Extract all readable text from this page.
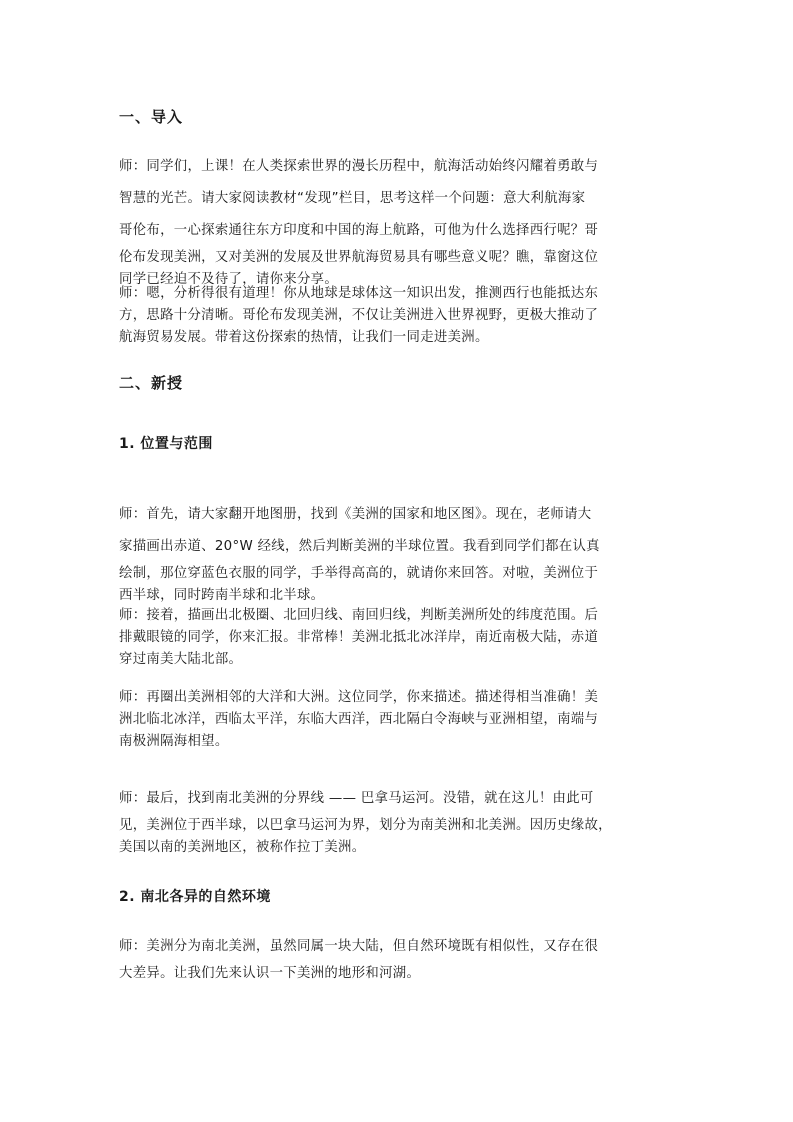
一、导入
师：同学们，上课！在人类探索世界的漫长历程中，航海活动始终闪耀着勇敢与
智慧的光芒。请大家阅读教材“发现”栏目，思考这样一个问题：意大利航海家
哥伦布，一心探索通往东方印度和中国的海上航路，可他为什么选择西行呢？哥
伦布发现美洲，又对美洲的发展及世界航海贸易具有哪些意义呢？瞧，靠窗这位
同学已经迫不及待了，请你来分享。
师：嗯，分析得很有道理！你从地球是球体这一知识出发，推测西行也能抵达东
方，思路十分清晰。哥伦布发现美洲，不仅让美洲进入世界视野，更极大推动了
航海贸易发展。带着这份探索的热情，让我们一同走进美洲。
二、新授
1. 位置与范围
师：首先，请大家翻开地图册，找到《美洲的国家和地区图》。现在，老师请大
家描画出赤道、20°W 经线，然后判断美洲的半球位置。我看到同学们都在认真
绘制，那位穿蓝色衣服的同学，手举得高高的，就请你来回答。对啦，美洲位于
西半球，同时跨南半球和北半球。
师：接着，描画出北极圈、北回归线、南回归线，判断美洲所处的纬度范围。后
排戴眼镜的同学，你来汇报。非常棒！美洲北抵北冰洋岸，南近南极大陆，赤道
穿过南美大陆北部。
师：再圈出美洲相邻的大洋和大洲。这位同学，你来描述。描述得相当准确！美
洲北临北冰洋，西临太平洋，东临大西洋，西北隔白令海峡与亚洲相望，南端与
南极洲隔海相望。
师：最后，找到南北美洲的分界线 —— 巴拿马运河。没错，就在这儿！由此可
见，美洲位于西半球，以巴拿马运河为界，划分为南美洲和北美洲。因历史缘故，
美国以南的美洲地区，被称作拉丁美洲。
2. 南北各异的自然环境
师：美洲分为南北美洲，虽然同属一块大陆，但自然环境既有相似性，又存在很
大差异。让我们先来认识一下美洲的地形和河湖。
